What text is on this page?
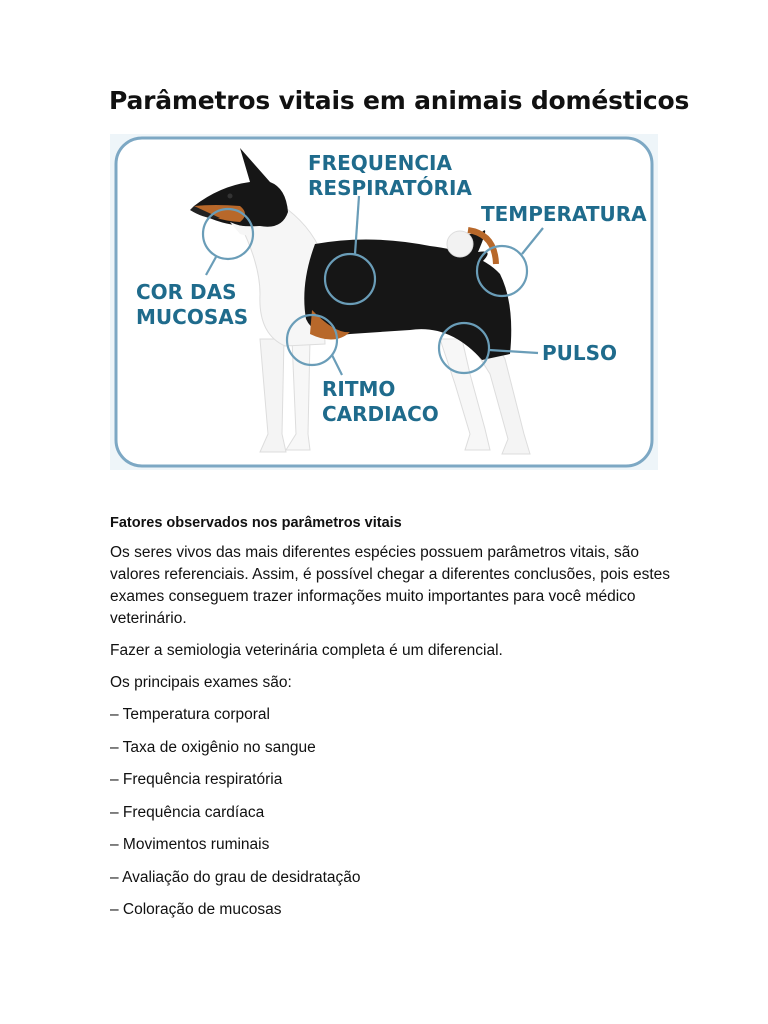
Parâmetros vitais em animais domésticos
FREQUENCIA
RESPIRATÓRIA
TEMPERATURA
COR DAS
MUCOSAS
PULSO
RITMO
CARDIACO

Fatores observados nos parâmetros vitais

Os seres vivos das mais diferentes espécies possuem parâmetros vitais, são valores referenciais. Assim, é possível chegar a diferentes conclusões, pois estes exames conseguem trazer informações muito importantes para você médico veterinário.

Fazer a semiologia veterinária completa é um diferencial.

Os principais exames são:

– Temperatura corporal
– Taxa de oxigênio no sangue
– Frequência respiratória
– Frequência cardíaca
– Movimentos ruminais
– Avaliação do grau de desidratação
– Coloração de mucosas
